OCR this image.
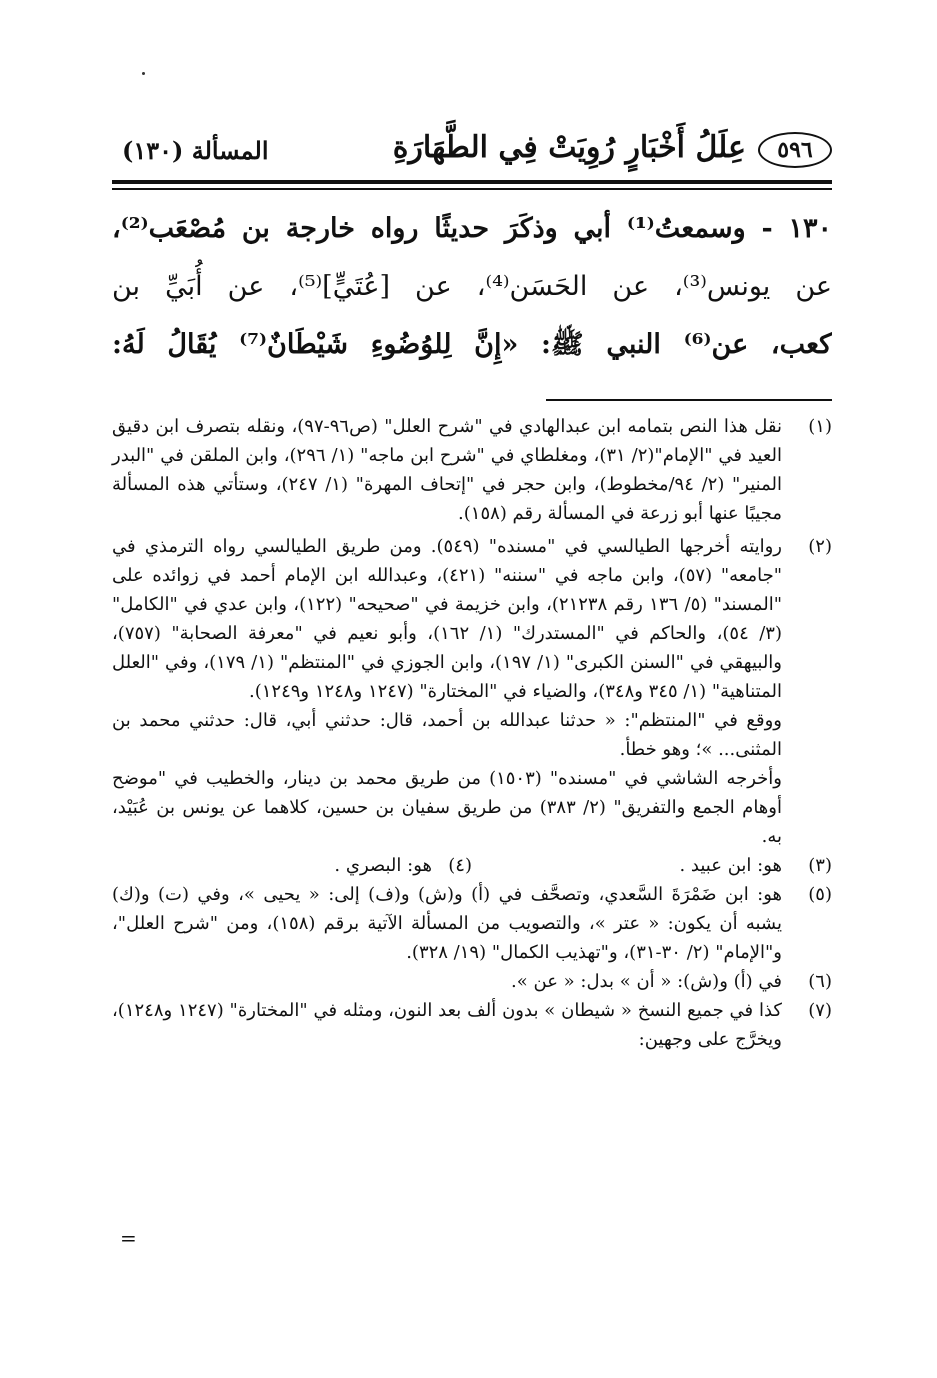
٥٩٦
عِلَلُ أَخْبَارٍ رُوِيَتْ فِي الطَّهَارَةِ
المسألة (١٣٠)
١٣٠ - وسمعتُ⁽¹⁾ أبي وذكَرَ حديثًا رواه خارجة بن مُصْعَب⁽²⁾،
عن يونس⁽³⁾، عن الحَسَن⁽⁴⁾، عن [عُتَيٍّ]⁽⁵⁾، عن أُبَيِّ بن
كعب، عن⁽⁶⁾ النبي ﷺ: «إِنَّ لِلوُضُوءِ شَيْطَانٌ⁽⁷⁾ يُقَالُ لَهُ:
(١)

نقل هذا النص بتمامه ابن عبدالهادي في "شرح العلل" (ص٩٦-٩٧)، ونقله بتصرف ابن دقيق العيد في "الإمام"(٢/ ٣١)، ومغلطاي في "شرح ابن ماجه" (١/ ٢٩٦)، وابن الملقن في "البدر المنير" (٢/ ٩٤/مخطوط)، وابن حجر في "إتحاف المهرة" (١/ ٢٤٧)، وستأتي هذه المسألة مجيبًا عنها أبو زرعة في المسألة رقم (١٥٨).

(٢)

روايته أخرجها الطيالسي في "مسنده" (٥٤٩). ومن طريق الطيالسي رواه الترمذي في "جامعه" (٥٧)، وابن ماجه في "سننه" (٤٢١)، وعبدالله ابن الإمام أحمد في زوائده على "المسند" (٥/ ١٣٦ رقم ٢١٢٣٨)، وابن خزيمة في "صحيحه" (١٢٢)، وابن عدي في "الكامل" (٣/ ٥٤)، والحاكم في "المستدرك" (١/ ١٦٢)، وأبو نعيم في "معرفة الصحابة" (٧٥٧)، والبيهقي في "السنن الكبرى" (١/ ١٩٧)، وابن الجوزي في "المنتظم" (١/ ١٧٩)، وفي "العلل المتناهية" (١/ ٣٤٥ و٣٤٨)، والضياء في "المختارة" (١٢٤٧ و١٢٤٨ و١٢٤٩).

ووقع في "المنتظم": « حدثنا عبدالله بن أحمد، قال: حدثني أبي، قال: حدثني محمد بن المثنى... »؛ وهو خطأ.

وأخرجه الشاشي في "مسنده" (١٥٠٣) من طريق محمد بن دينار، والخطيب في "موضح أوهام الجمع والتفريق" (٢/ ٣٨٣) من طريق سفيان بن حسين، كلاهما عن يونس بن عُبَيْد، به.

(٣)
هو: ابن عبيد .
(٤)
هو: البصري .
(٥)

هو: ابن ضَمْرَةَ السَّعدي، وتصحَّف في (أ) و(ش) و(ف) إلى: « يحيى »، وفي (ت) و(ك) يشبه أن يكون: « عتر »، والتصويب من المسألة الآتية برقم (١٥٨)، ومن "شرح العلل"، و"الإمام" (٢/ ٣٠-٣١)، و"تهذيب الكمال" (١٩/ ٣٢٨).

(٦)

في (أ) و(ش): « أن » بدل: « عن ».

(٧)

كذا في جميع النسخ « شيطان » بدون ألف بعد النون، ومثله في "المختارة" (١٢٤٧ و١٢٤٨)، ويخرَّج على وجهين:

=
